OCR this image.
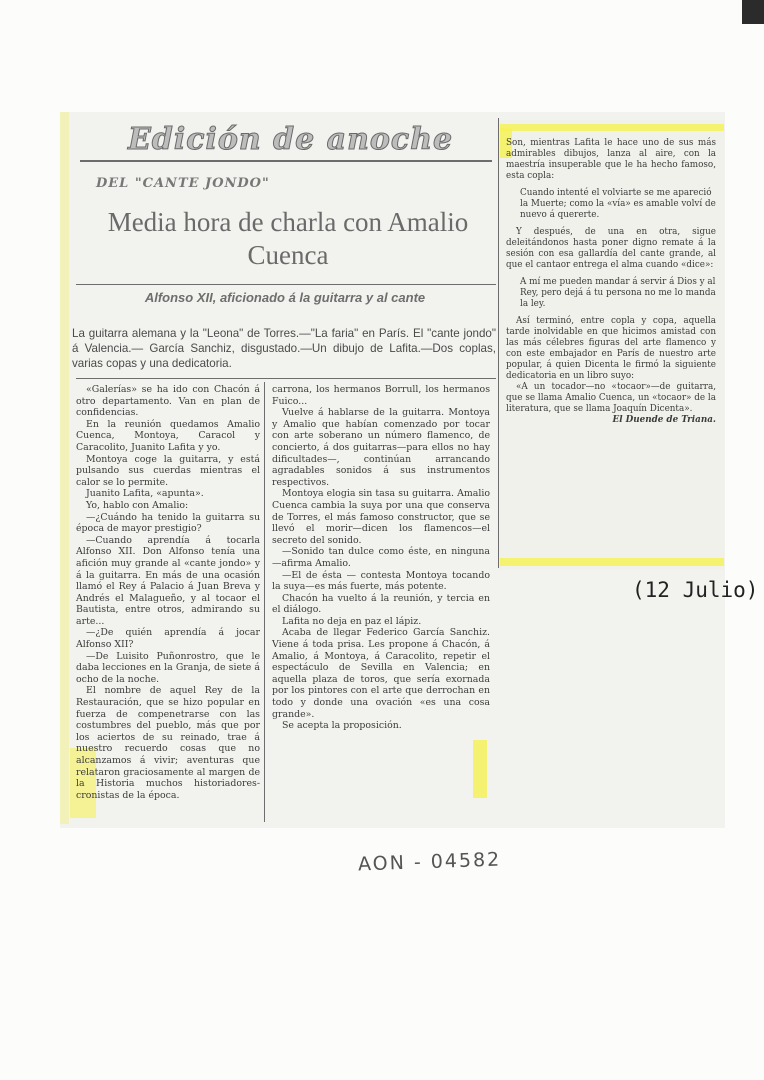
Edición de anoche
DEL "CANTE JONDO"
Media hora de charla con Amalio Cuenca
Alfonso XII, aficionado á la guitarra y al cante
La guitarra alemana y la "Leona" de Torres.—"La faria" en París. El "cante jondo" á Valencia.— García Sanchiz, disgustado.—Un dibujo de Lafita.—Dos coplas, varias copas y una dedicatoria.

«Galerías» se ha ido con Chacón á otro departamento. Van en plan de confidencias.

En la reunión quedamos Amalio Cuenca, Montoya, Caracol y Caracolito, Juanito Lafita y yo.

Montoya coge la guitarra, y está pulsando sus cuerdas mientras el calor se lo permite.

Juanito Lafita, «apunta».

Yo, hablo con Amalio:

—¿Cuándo ha tenido la guitarra su época de mayor prestigio?

—Cuando aprendía á tocarla Alfonso XII. Don Alfonso tenía una afición muy grande al «cante jondo» y á la guitarra. En más de una ocasión llamó el Rey á Palacio á Juan Breva y Andrés el Malagueño, y al tocaor el Bautista, entre otros, admirando su arte...

—¿De quién aprendía á jocar Alfonso XII?

—De Luisito Puñonrostro, que le daba lecciones en la Granja, de siete á ocho de la noche.

El nombre de aquel Rey de la Restauración, que se hizo popular en fuerza de compenetrarse con las costumbres del pueblo, más que por los aciertos de su reinado, trae á nuestro recuerdo cosas que no alcanzamos á vivir; aventuras que relataron graciosamente al margen de la Historia muchos historiadores-cronistas de la época.

carrona, los hermanos Borrull, los hermanos Fuico...

Vuelve á hablarse de la guitarra. Montoya y Amalio que habían comenzado por tocar con arte soberano un número flamenco, de concierto, á dos guitarras—para ellos no hay dificultades—, continúan arrancando agradables sonidos á sus instrumentos respectivos.

Montoya elogia sin tasa su guitarra. Amalio Cuenca cambia la suya por una que conserva de Torres, el más famoso constructor, que se llevó el morir—dicen los flamencos—el secreto del sonido.

—Sonido tan dulce como éste, en ninguna—afirma Amalio.

—El de ésta — contesta Montoya tocando la suya—es más fuerte, más potente.

Chacón ha vuelto á la reunión, y tercia en el diálogo.

Lafita no deja en paz el lápiz.

Acaba de llegar Federico García Sanchiz. Viene á toda prisa. Les propone á Chacón, á Amalio, á Montoya, á Caracolito, repetir el espectáculo de Sevilla en Valencia; en aquella plaza de toros, que sería exornada por los pintores con el arte que derrochan en todo y donde una ovación «es una cosa grande».

Se acepta la proposición.

Son, mientras Lafita le hace uno de sus más admirables dibujos, lanza al aire, con la maestría insuperable que le ha hecho famoso, esta copla:

Cuando intenté el volviarte se me apareció la Muerte; como la «vía» es amable volví de nuevo á quererte.

Y después, de una en otra, sigue deleitándonos hasta poner digno remate á la sesión con esa gallardía del cante grande, al que el cantaor entrega el alma cuando «dice»:

A mí me pueden mandar á servir á Dios y al Rey, pero dejá á tu persona no me lo manda la ley.

Así terminó, entre copla y copa, aquella tarde inolvidable en que hicimos amistad con las más célebres figuras del arte flamenco y con este embajador en París de nuestro arte popular, á quien Dicenta le firmó la siguiente dedicatoria en un libro suyo:

«A un tocador—no «tocaor»—de guitarra, que se llama Amalio Cuenca, un «tocaor» de la literatura, que se llama Joaquín Dicenta».

El Duende de Triana.

(12 Julio)
AON - 04582
